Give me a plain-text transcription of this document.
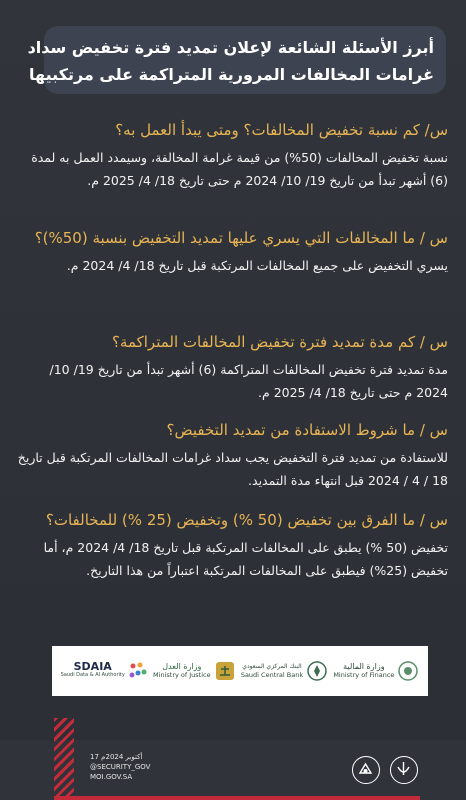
أبرز الأسئلة الشائعة لإعلان تمديد فترة تخفيض سداد
غرامات المخالفات المرورية المتراكمة على مرتكبيها
س/ كم نسبة تخفيض المخالفات؟ ومتى يبدأ العمل به؟
نسبة تخفيض المخالفات (50%) من قيمة غرامة المخالفة، وسيمدد العمل به لمدة (6) أشهر تبدأ من تاريخ 19/ 10/ 2024 م حتى تاريخ 18/ 4/ 2025 م.
س / ما المخالفات التي يسري عليها تمديد التخفيض بنسبة (50%)؟
يسري التخفيض على جميع المخالفات المرتكبة قبل تاريخ 18/ 4/ 2024 م.
س / كم مدة تمديد فترة تخفيض المخالفات المتراكمة؟
مدة تمديد فترة تخفيض المخالفات المتراكمة (6) أشهر تبدأ من تاريخ 19/ 10/ 2024 م حتى تاريخ 18/ 4/ 2025 م.
س / ما شروط الاستفادة من تمديد التخفيض؟
للاستفادة من تمديد فترة التخفيض يجب سداد غرامات المخالفات المرتكبة قبل تاريخ 18 / 4 / 2024 قبل انتهاء مدة التمديد.
س / ما الفرق بين تخفيض (50 %) وتخفيض (25 %) للمخالفات؟
تخفيض (50 %) يطبق على المخالفات المرتكبة قبل تاريخ 18/ 4/ 2024 م، أما تخفيض (25%) فيطبق على المخالفات المرتكبة اعتباراً من هذا التاريخ.
وزارة المالية
Ministry of Finance
البنك المركزي السعودي
Saudi Central Bank
وزارة العدل
Ministry of Justice
SDAIA
Saudi Data & AI Authority
17 أكتوبر 2024م
@SECURITY_GOV
MOI.GOV.SA
